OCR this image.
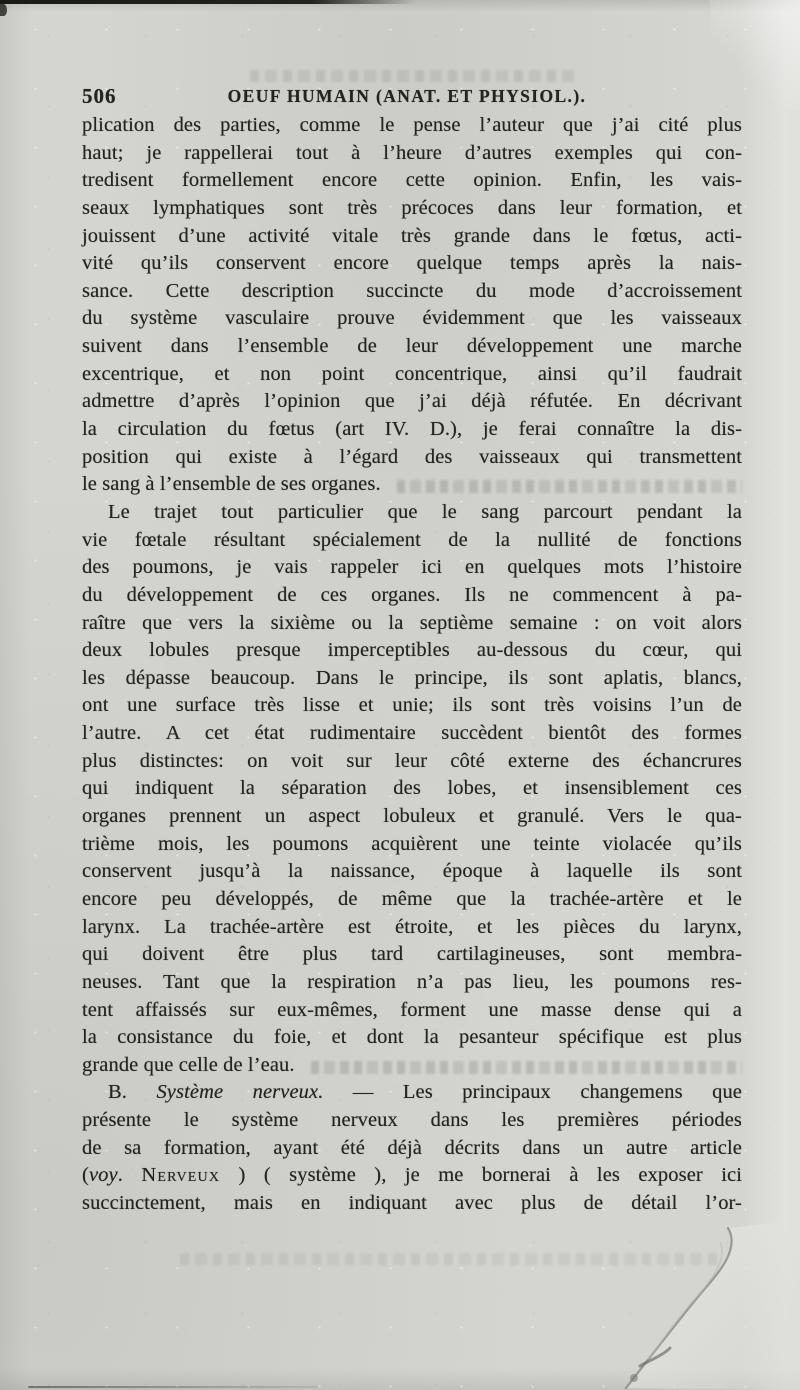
506	OEUF HUMAIN (ANAT. ET PHYSIOL.).
plication des parties, comme le pense l’auteur que j’ai cité plus
haut; je rappellerai tout à l’heure d’autres exemples qui con-
tredisent formellement encore cette opinion. Enfin, les vais-
seaux lymphatiques sont très précoces dans leur formation, et
jouissent d’une activité vitale très grande dans le fœtus, acti-
vité qu’ils conservent encore quelque temps après la nais-
sance. Cette description succincte du mode d’accroissement
du système vasculaire prouve évidemment que les vaisseaux
suivent dans l’ensemble de leur développement une marche
excentrique, et non point concentrique, ainsi qu’il faudrait
admettre d’après l’opinion que j’ai déjà réfutée. En décrivant
la circulation du fœtus (art IV. D.), je ferai connaître la dis-
position qui existe à l’égard des vaisseaux qui transmettent
le sang à l’ensemble de ses organes.
Le trajet tout particulier que le sang parcourt pendant la
vie fœtale résultant spécialement de la nullité de fonctions
des poumons, je vais rappeler ici en quelques mots l’histoire
du développement de ces organes. Ils ne commencent à pa-
raître que vers la sixième ou la septième semaine : on voit alors
deux lobules presque imperceptibles au-dessous du cœur, qui
les dépasse beaucoup. Dans le principe, ils sont aplatis, blancs,
ont une surface très lisse et unie; ils sont très voisins l’un de
l’autre. A cet état rudimentaire succèdent bientôt des formes
plus distinctes: on voit sur leur côté externe des échancrures
qui indiquent la séparation des lobes, et insensiblement ces
organes prennent un aspect lobuleux et granulé. Vers le qua-
trième mois, les poumons acquièrent une teinte violacée qu’ils
conservent jusqu’à la naissance, époque à laquelle ils sont
encore peu développés, de même que la trachée-artère et le
larynx. La trachée-artère est étroite, et les pièces du larynx,
qui doivent être plus tard cartilagineuses, sont membra-
neuses. Tant que la respiration n’a pas lieu, les poumons res-
tent affaissés sur eux-mêmes, forment une masse dense qui a
la consistance du foie, et dont la pesanteur spécifique est plus
grande que celle de l’eau.
B. Système nerveux. — Les principaux changemens que
présente le système nerveux dans les premières périodes
de sa formation, ayant été déjà décrits dans un autre article
(voy. Nerveux ) ( système ), je me bornerai à les exposer ici
succinctement, mais en indiquant avec plus de détail l’or-
